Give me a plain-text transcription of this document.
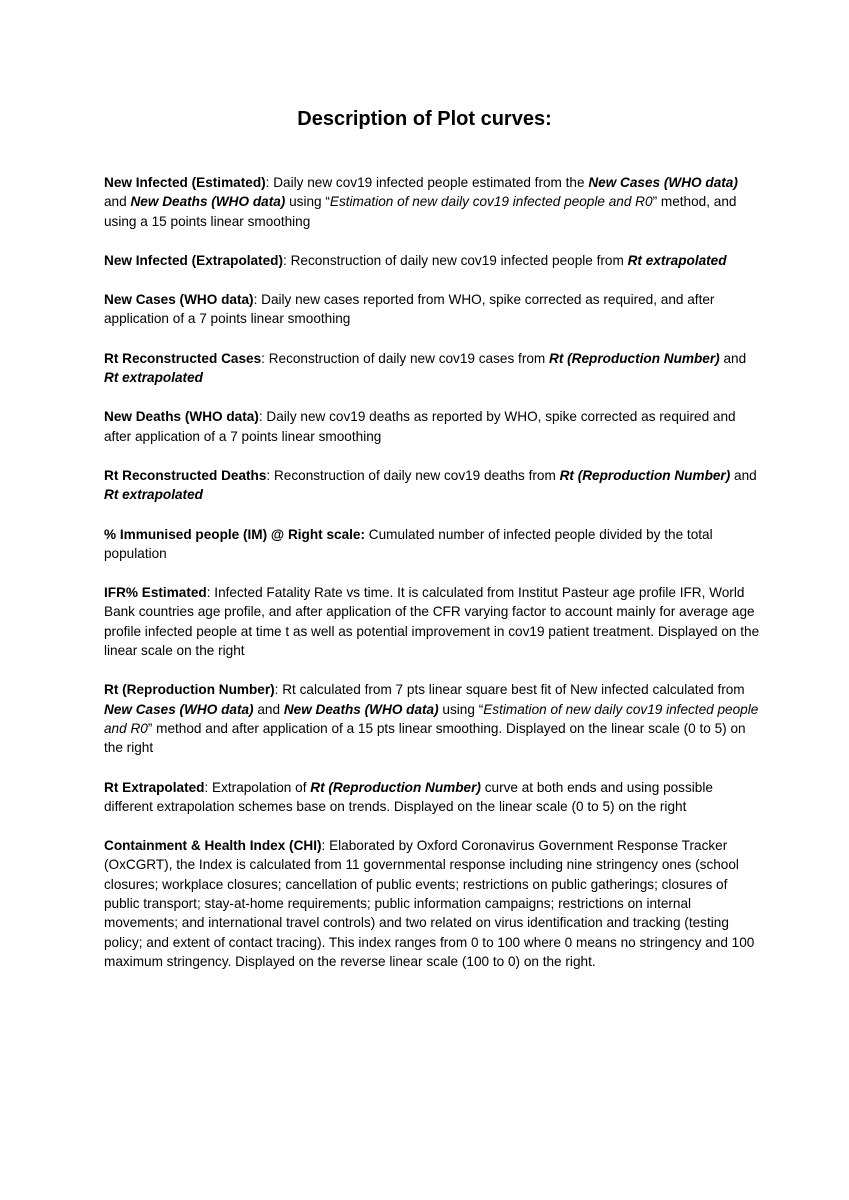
Description of Plot curves:

New Infected (Estimated): Daily new cov19 infected people estimated from the New Cases (WHO data) and New Deaths (WHO data) using “Estimation of new daily cov19 infected people and R0” method, and using a 15 points linear smoothing

New Infected (Extrapolated): Reconstruction of daily new cov19 infected people from Rt extrapolated

New Cases (WHO data): Daily new cases reported from WHO, spike corrected as required, and after application of a 7 points linear smoothing

Rt Reconstructed Cases: Reconstruction of daily new cov19 cases from Rt (Reproduction Number) and Rt extrapolated

New Deaths (WHO data): Daily new cov19 deaths as reported by WHO, spike corrected as required and after application of a 7 points linear smoothing

Rt Reconstructed Deaths: Reconstruction of daily new cov19 deaths from Rt (Reproduction Number) and Rt extrapolated

% Immunised people (IM) @ Right scale: Cumulated number of infected people divided by the total population

IFR% Estimated: Infected Fatality Rate vs time. It is calculated from Institut Pasteur age profile IFR, World Bank countries age profile, and after application of the CFR varying factor to account mainly for average age profile infected people at time t as well as potential improvement in cov19 patient treatment. Displayed on the linear scale on the right

Rt (Reproduction Number): Rt calculated from 7 pts linear square best fit of New infected calculated from New Cases (WHO data) and New Deaths (WHO data) using “Estimation of new daily cov19 infected people and R0” method and after application of a 15 pts linear smoothing. Displayed on the linear scale (0 to 5) on the right

Rt Extrapolated: Extrapolation of Rt (Reproduction Number) curve at both ends and using possible different extrapolation schemes base on trends. Displayed on the linear scale (0 to 5) on the right

Containment & Health Index (CHI): Elaborated by Oxford Coronavirus Government Response Tracker (OxCGRT), the Index is calculated from 11 governmental response including nine stringency ones (school closures; workplace closures; cancellation of public events; restrictions on public gatherings; closures of public transport; stay-at-home requirements; public information campaigns; restrictions on internal movements; and international travel controls) and two related on virus identification and tracking (testing policy; and extent of contact tracing). This index ranges from 0 to 100 where 0 means no stringency and 100 maximum stringency. Displayed on the reverse linear scale (100 to 0) on the right.
